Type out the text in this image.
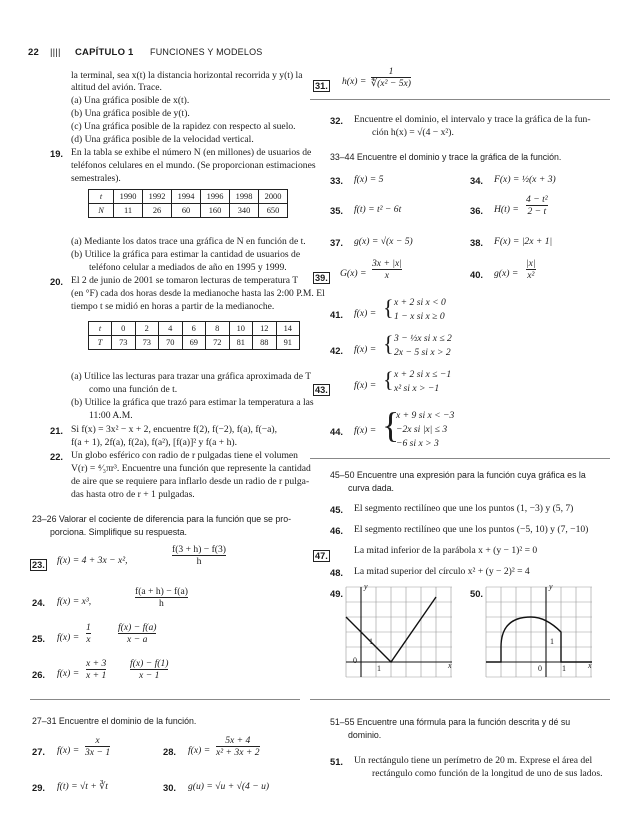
22 |||| CAPÍTULO 1 FUNCIONES Y MODELOS
la terminal, sea x(t) la distancia horizontal recorrida y y(t) la
altitud del avión. Trace.
(a) Una gráfica posible de x(t).
(b) Una gráfica posible de y(t).
(c) Una gráfica posible de la rapidez con respecto al suelo.
(d) Una gráfica posible de la velocidad vertical.
19. En la tabla se exhibe el número N (en millones) de usuarios de
teléfonos celulares en el mundo. (Se proporcionan estimaciones
semestrales).
t	1990	1992	1994	1996	1998	2000
N	11	26	60	160	340	650
(a) Mediante los datos trace una gráfica de N en función de t.
(b) Utilice la gráfica para estimar la cantidad de usuarios de
teléfono celular a mediados de año en 1995 y 1999.
20. El 2 de junio de 2001 se tomaron lecturas de temperatura T
(en °F) cada dos horas desde la medianoche hasta las 2:00 P.M. El
tiempo t se midió en horas a partir de la medianoche.
t	0	2	4	6	8	10	12	14
T	73	73	70	69	72	81	88	91
(a) Utilice las lecturas para trazar una gráfica aproximada de T
como una función de t.
(b) Utilice la gráfica que trazó para estimar la temperatura a las
11:00 A.M.
21. Si f(x) = 3x² − x + 2, encuentre f(2), f(−2), f(a), f(−a),
f(a + 1), 2f(a), f(2a), f(a²), [f(a)]² y f(a + h).
22. Un globo esférico con radio de r pulgadas tiene el volumen
V(r) = ⁴⁄₃πr³. Encuentre una función que represente la cantidad
de aire que se requiere para inflarlo desde un radio de r pulga-
das hasta otro de r + 1 pulgadas.
23–26 Valorar el cociente de diferencia para la función que se pro-
porciona. Simplifique su respuesta.
23. f(x) = 4 + 3x − x²,	$\frac{f(3 + h) - f(3)}{h}$
24. f(x) = x³,	$\frac{f(a + h) - f(a)}{h}$
25. $f(x) = \frac{1}{x}$	$\frac{f(x) - f(a)}{x - a}$
26. $f(x) = \frac{x + 3}{x + 1} \frac{f(x) - f(1)}{x - 1}$
27–31 Encuentre el dominio de la función.
27. $f(x) = \frac{x}{3x - 1}$	28. $f(x) = \frac{5x + 4}{\text{x² + 3x + 2}}$
29. f(t) = √t + ∛t	30. g(u) = √u + √(4 − u)
31. $h(x) = \frac{1}{\text{∜(x² − 5x)}}$
32. Encuentre el dominio, el intervalo y trace la gráfica de la fun-
ción h(x) = √(4 − x²).
33–44 Encuentre el dominio y trace la gráfica de la función.
33. f(x) = 5	34. F(x) = ½(x + 3)
35. f(t) = t² − 6t	36. $H(t) = \frac{\text{4 − t²}}{2 - t}$
37. g(x) = √(x − 5)	38. F(x) = |2x + 1|
39. $G(x) = \frac{3x + |x|}{x}$	40. $g(x) = \frac{|x|}{\text{x²}}$
41. f(x) = { x + 2 si x < 0
1 − x si x ≥ 0
42. f(x) = { 3 − ½x si x ≤ 2
2x − 5 si x > 2
43.	f(x) = { x + 2 si x ≤ −1
x² si x > −1
44. f(x) = {
x + 9 si x < −3
−2x si |x| ≤ 3
−6 si x > 3
45–50 Encuentre una expresión para la función cuya gráfica es la
curva dada.
45. El segmento rectilíneo que une los puntos (1, −3) y (5, 7)
46. El segmento rectilíneo que une los puntos (−5, 10) y (7, −10)
47.	La mitad inferior de la parábola x + (y − 1)² = 0
48. La mitad superior del círculo x² + (y − 2)² = 4
49.
y
x
0
1
1
50.
y
x
0
1
1
51–55 Encuentre una fórmula para la función descrita y dé su
dominio.
51. Un rectángulo tiene un perímetro de 20 m. Exprese el área del
rectángulo como función de la longitud de uno de sus lados.
